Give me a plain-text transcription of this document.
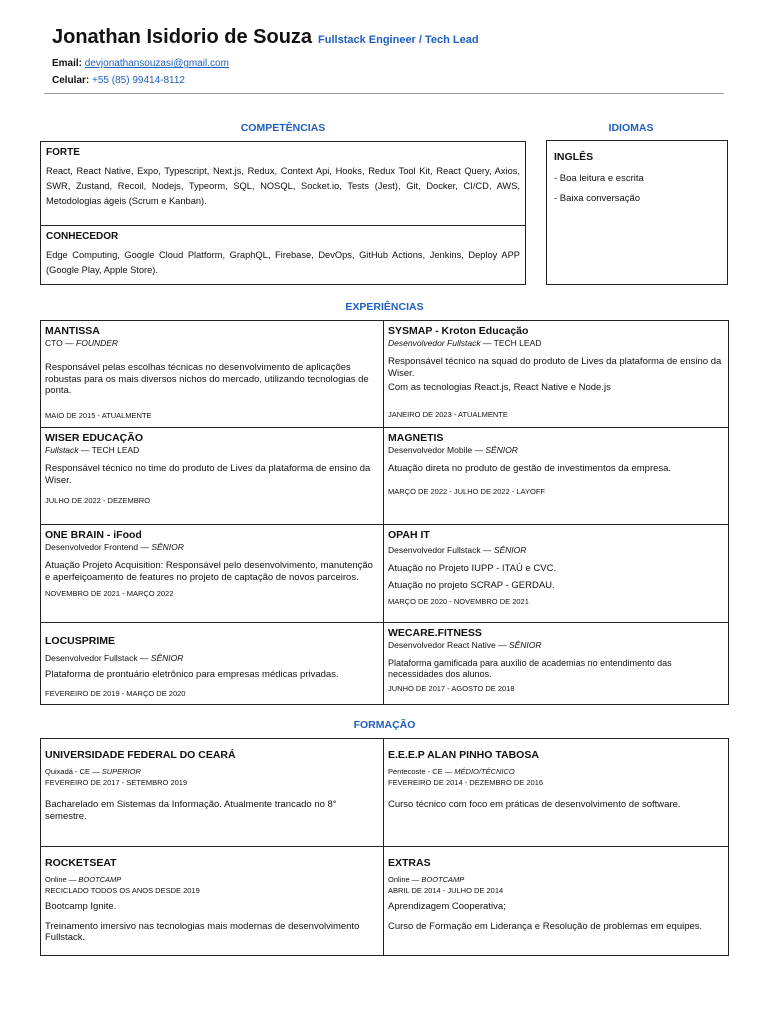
Jonathan Isidorio de Souza Fullstack Engineer / Tech Lead
Email: devjonathansouzasi@gmail.com
Celular: +55 (85) 99414-8112
COMPETÊNCIAS	IDIOMAS
FORTE
React, React Native, Expo, Typescript, Next.js, Redux, Context Api, Hooks, Redux Tool Kit, React Query, Axios, SWR, Zustand, Recoil, Nodejs, Typeorm, SQL, NOSQL, Socket.io, Tests (Jest), Git, Docker, CI/CD, AWS, Metodologias ágeis (Scrum e Kanban).
CONHECEDOR
Edge Computing, Google Cloud Platform, GraphQL, Firebase, DevOps, GitHub Actions, Jenkins, Deploy APP (Google Play, Apple Store).
INGLÊS
- Boa leitura e escrita
- Baixa conversação
EXPERIÊNCIAS
MANTISSA
CTO — FOUNDER
Responsável pelas escolhas técnicas no desenvolvimento de aplicações robustas para os mais diversos nichos do mercado, utilizando tecnologias de ponta.
MAIO DE 2015 - ATUALMENTE
SYSMAP - Kroton Educação
Desenvolvedor Fullstack — TECH LEAD
Responsável técnico na squad do produto de Lives da plataforma de ensino da Wiser.
Com as tecnologias React.js, React Native e Node.js
JANEIRO DE 2023 - ATUALMENTE
WISER EDUCAÇÃO
Fullstack — TECH LEAD
Responsável técnico no time do produto de Lives da plataforma de ensino da Wiser.
JULHO DE 2022 - DEZEMBRO
MAGNETIS
Desenvolvedor Mobile — SÊNIOR
Atuação direta no produto de gestão de investimentos da empresa.
MARÇO DE 2022 - JULHO DE 2022 - LAYOFF
ONE BRAIN - iFood
Desenvolvedor Frontend — SÊNIOR
Atuação Projeto Acquisition: Responsável pelo desenvolvimento, manutenção e aperfeiçoamento de features no projeto de captação de novos parceiros.
NOVEMBRO DE 2021 - MARÇO 2022
OPAH IT
Desenvolvedor Fullstack — SÊNIOR
Atuação no Projeto IUPP - ITAÚ e CVC.
Atuação no projeto SCRAP - GERDAU.
MARÇO DE 2020 - NOVEMBRO DE 2021
LOCUSPRIME
Desenvolvedor Fullstack — SÊNIOR
Plataforma de prontuário eletrônico para empresas médicas privadas.
FEVEREIRO DE 2019 - MARÇO DE 2020
WECARE.FITNESS
Desenvolvedor React Native — SÊNIOR
Plataforma gamificada para auxílio de academias no entendimento das necessidades dos alunos.
JUNHO DE 2017 - AGOSTO DE 2018
FORMAÇÃO
UNIVERSIDADE FEDERAL DO CEARÁ
Quixadá - CE — SUPERIOR
FEVEREIRO DE 2017 - SETEMBRO 2019
Bacharelado em Sistemas da Informação. Atualmente trancado no 8° semestre.
E.E.E.P ALAN PINHO TABOSA
Pentecoste - CE — MÉDIO/TÉCNICO
FEVEREIRO DE 2014 - DEZEMBRO DE 2016
Curso técnico com foco em práticas de desenvolvimento de software.
ROCKETSEAT
Online — BOOTCAMP
RECICLADO TODOS OS ANOS DESDE 2019
Bootcamp Ignite.
Treinamento imersivo nas tecnologias mais modernas de desenvolvimento Fullstack.
EXTRAS
Online — BOOTCAMP
ABRIL DE 2014 - JULHO DE 2014
Aprendizagem Cooperativa;
Curso de Formação em Liderança e Resolução de problemas em equipes.
